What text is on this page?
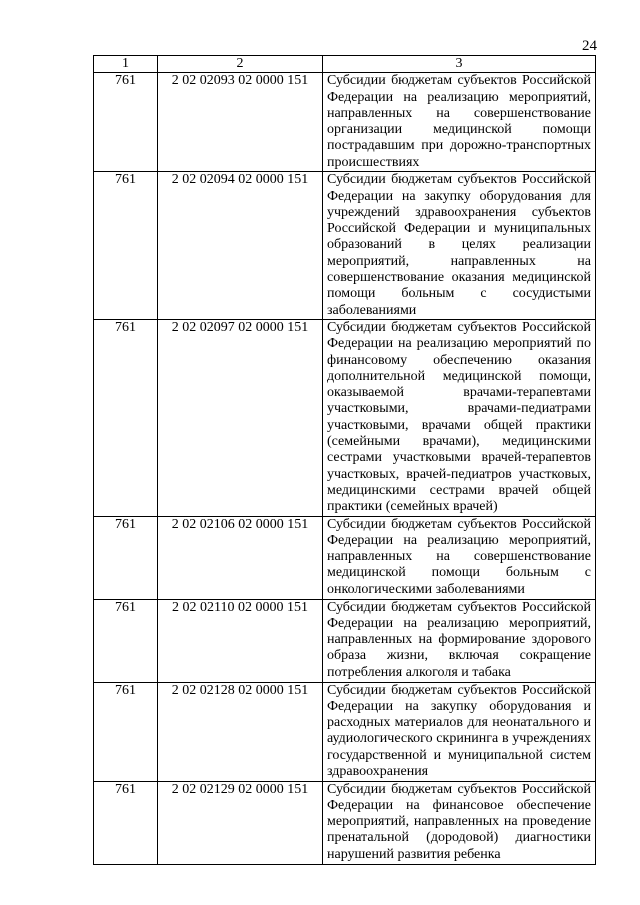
24
1	2	3
761	2 02 02093 02 0000 151	Субсидии бюджетам субъектов Российской Федерации на реализацию мероприятий, направленных на совершенствование организации медицинской помощи пострадавшим при дорожно-транспортных происшествиях
761	2 02 02094 02 0000 151	Субсидии бюджетам субъектов Российской Федерации на закупку оборудования для учреждений здравоохранения субъектов Российской Федерации и муниципальных образований в целях реализации мероприятий, направленных на совершенствование оказания медицинской помощи больным с сосудистыми заболеваниями
761	2 02 02097 02 0000 151	Субсидии бюджетам субъектов Российской Федерации на реализацию мероприятий по финансовому обеспечению оказания дополнительной медицинской помощи, оказываемой врачами-терапевтами участковыми, врачами-педиатрами участковыми, врачами общей практики (семейными врачами), медицинскими сестрами участковыми врачей-терапевтов участковых, врачей-педиатров участковых, медицинскими сестрами врачей общей практики (семейных врачей)
761	2 02 02106 02 0000 151	Субсидии бюджетам субъектов Российской Федерации на реализацию мероприятий, направленных на совершенствование медицинской помощи больным с онкологическими заболеваниями
761	2 02 02110 02 0000 151	Субсидии бюджетам субъектов Российской Федерации на реализацию мероприятий, направленных на формирование здорового образа жизни, включая сокращение потребления алкоголя и табака
761	2 02 02128 02 0000 151	Субсидии бюджетам субъектов Российской Федерации на закупку оборудования и расходных материалов для неонатального и аудиологического скрининга в учреждениях государственной и муниципальной систем здравоохранения
761	2 02 02129 02 0000 151	Субсидии бюджетам субъектов Российской Федерации на финансовое обеспечение мероприятий, направленных на проведение пренатальной (дородовой) диагностики нарушений развития ребенка
